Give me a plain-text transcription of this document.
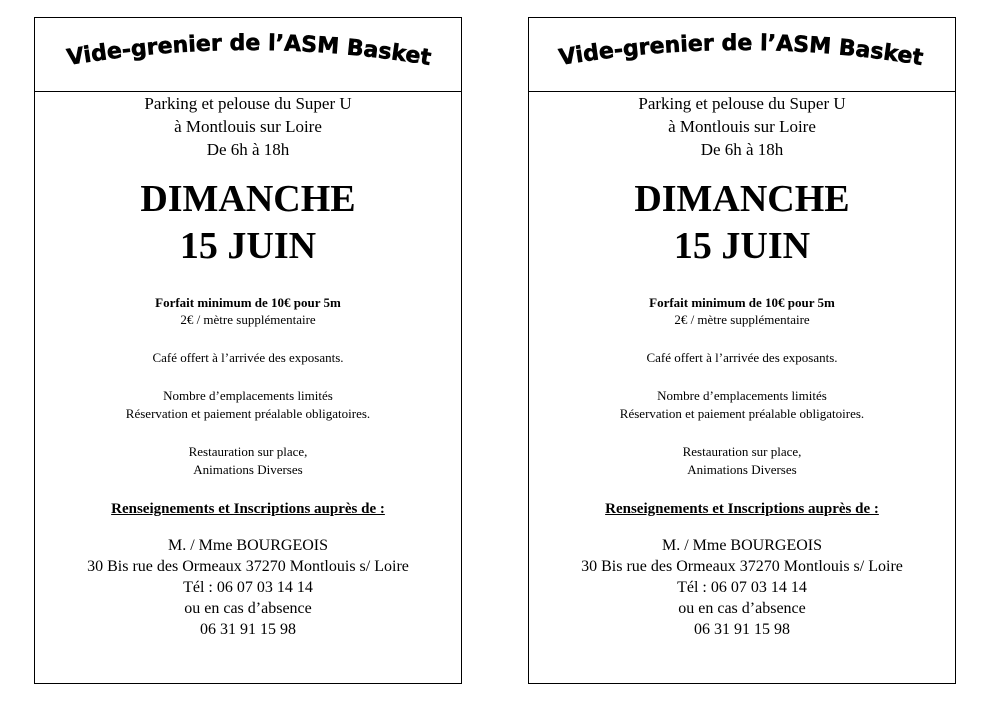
Vide-grenier de l’ASM Basket
Parking et pelouse du Super U
à Montlouis sur Loire
De 6h à 18h
DIMANCHE
15 JUIN
Forfait minimum de 10€ pour 5m
2€ / mètre supplémentaire
Café offert à l’arrivée des exposants.
Nombre d’emplacements limités
Réservation et paiement préalable obligatoires.
Restauration sur place,
Animations Diverses
Renseignements et Inscriptions auprès de :
M. / Mme BOURGEOIS
30 Bis rue des Ormeaux 37270 Montlouis s/ Loire
Tél : 06 07 03 14 14
ou en cas d’absence
06 31 91 15 98
Vide-grenier de l’ASM Basket
Parking et pelouse du Super U
à Montlouis sur Loire
De 6h à 18h
DIMANCHE
15 JUIN
Forfait minimum de 10€ pour 5m
2€ / mètre supplémentaire
Café offert à l’arrivée des exposants.
Nombre d’emplacements limités
Réservation et paiement préalable obligatoires.
Restauration sur place,
Animations Diverses
Renseignements et Inscriptions auprès de :
M. / Mme BOURGEOIS
30 Bis rue des Ormeaux 37270 Montlouis s/ Loire
Tél : 06 07 03 14 14
ou en cas d’absence
06 31 91 15 98
